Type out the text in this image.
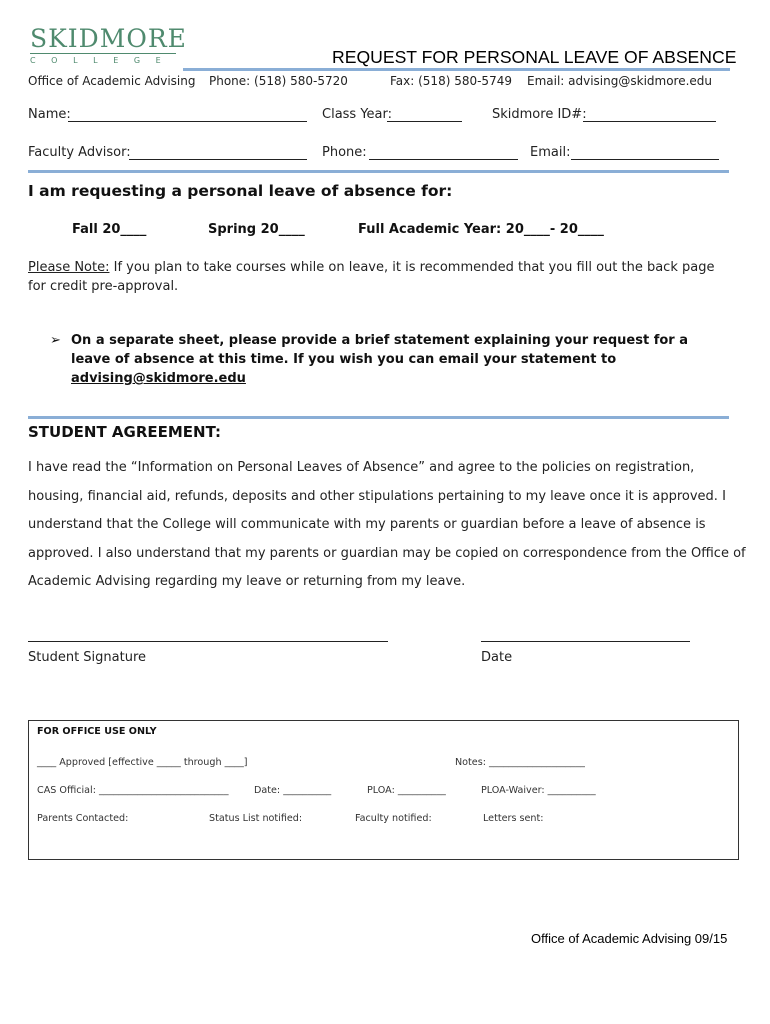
SKIDMORE
COLLEGE	REQUEST FOR PERSONAL LEAVE OF ABSENCE
Office of Academic Advising Phone: (518) 580-5720	Fax: (518) 580-5749 Email: advising@skidmore.edu
Name:	Class Year:	Skidmore ID#:
Faculty Advisor:	Phone:	Email:
I am requesting a personal leave of absence for:
Fall 20____	Spring 20____	Full Academic Year: 20____- 20____
Please Note: If you plan to take courses while on leave, it is recommended that you fill out the back page for credit pre-approval.
➢ On a separate sheet, please provide a brief statement explaining your request for a leave of absence at this time. If you wish you can email your statement to advising@skidmore.edu
STUDENT AGREEMENT:
I have read the “Information on Personal Leaves of Absence” and agree to the policies on registration, housing, financial aid, refunds, deposits and other stipulations pertaining to my leave once it is approved. I understand that the College will communicate with my parents or guardian before a leave of absence is approved. I also understand that my parents or guardian may be copied on correspondence from the Office of Academic Advising regarding my leave or returning from my leave.
Student Signature	Date
FOR OFFICE USE ONLY
____ Approved [effective _____ through ____]	Notes: ____________________
CAS Official: ___________________________	Date: __________	PLOA: __________	PLOA-Waiver: __________
Parents Contacted:	Status List notified:	Faculty notified:	Letters sent:
Office of Academic Advising 09/15
